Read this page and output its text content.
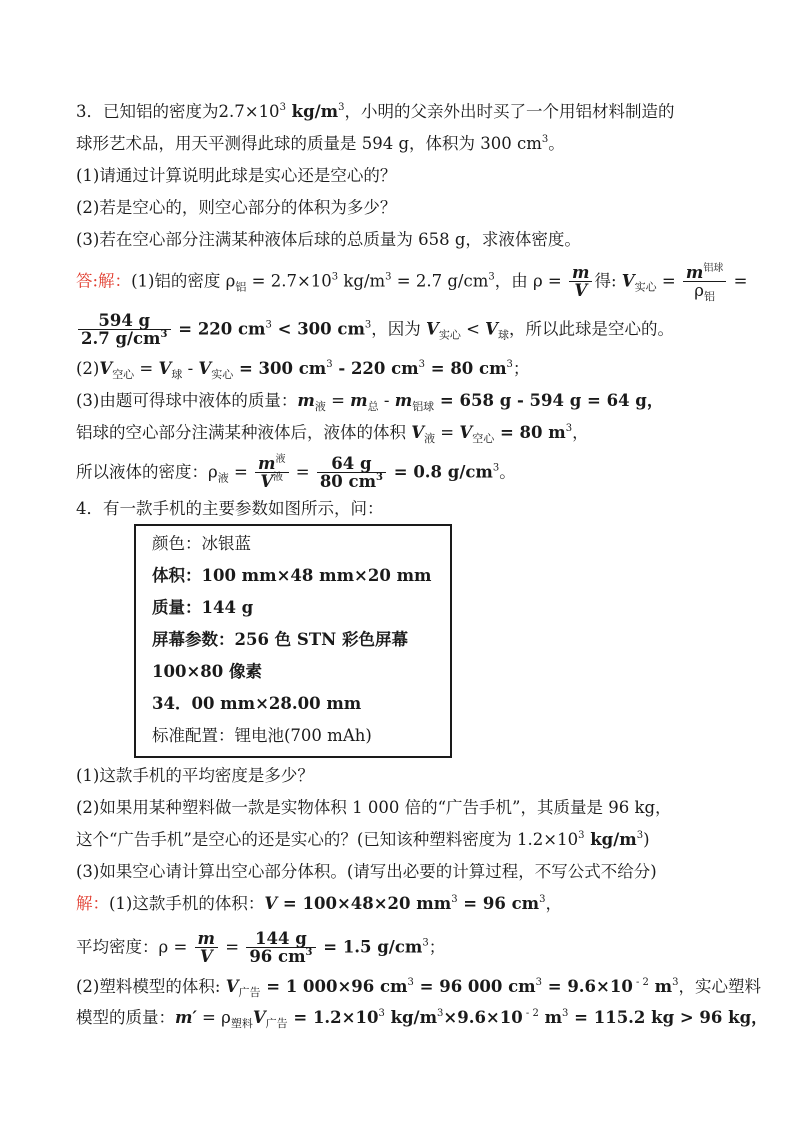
3．已知铝的密度为$2.7\times 10^3$ $kg/m^3$，小明的父亲外出时买了一个用铝材料制造的
球形艺术品，用天平测得此球的质量是 594 g，体积为 300 $cm^3$。
(1)请通过计算说明此球是实心还是空心的？
(2)若是空心的，则空心部分的体积为多少？
(3)若在空心部分注满某种液体后球的总质量为 658 g，求液体密度。
答:解：(1)铝的密度 $\rho_铝 = 2.7\times 10^3$ $kg/m^3 = 2.7$ $g/cm^3$，由 $\rho = \frac{m}{V}$ 得: $V_{实心} = \frac{m^{铝球}}{\rho_铝}$ =
$\frac{594 g}{2.7 g/cm^3} = 220$ $cm^3 < 300$ $cm^3$，因为 $V_{实心} < V_球$，所以此球是空心的。
$(2)V_{空心} = V_球 - V_{实心} = 300$ $cm^3 - 220$ $cm^3 = 80$ $cm^3$；
(3)由题可得球中液体的质量：$m_液 = m_总 - m_{铝球} = 658$ g - 594 g = 64 g，
铝球的空心部分注满某种液体后，液体的体积 $V_液 = V_{空心} = 80$ $m^3$，
所以液体的密度：$\rho_液 = \frac{m^液}{V^液} = \frac{64 g}{80 cm^3} = 0.8$ $g/cm^3$。
4．有一款手机的主要参数如图所示，问：
颜色：冰银蓝
体积：100 mm×48 mm×20 mm
质量：144 g
屏幕参数：256 色 STN 彩色屏幕
100×80 像素
34．00 mm×28.00 mm
标准配置：锂电池(700 mAh)
(1)这款手机的平均密度是多少？
(2)如果用某种塑料做一款是实物体积 1 000 倍的“广告手机”，其质量是 96 kg，
这个“广告手机”是空心的还是实心的？(已知该种塑料密度为 $1.2\times 10^3$ $kg/m^3$)
(3)如果空心请计算出空心部分体积。(请写出必要的计算过程，不写公式不给分)
解：(1)这款手机的体积：V = 100×48×20 $mm^3 = 96$ $cm^3$，
平均密度：$\rho = \frac{m}{V} = \frac{144 g}{96 cm^3} = 1.5$ $g/cm^3$；
(2)塑料模型的体积: $V_{广告} = 1$ 000×96 $cm^3 = 96$ 000 $cm^3 = 9.6\times 10$ $^{- 2}$ $m^3$，实心塑料
模型的质量：$m' = \rho_{塑料}V_{广告} = 1.2\times 10^3$ $kg/m^3\times 9.6\times 10$ $^{- 2}$ $m^3 = 115.2$ kg > 96 kg，
